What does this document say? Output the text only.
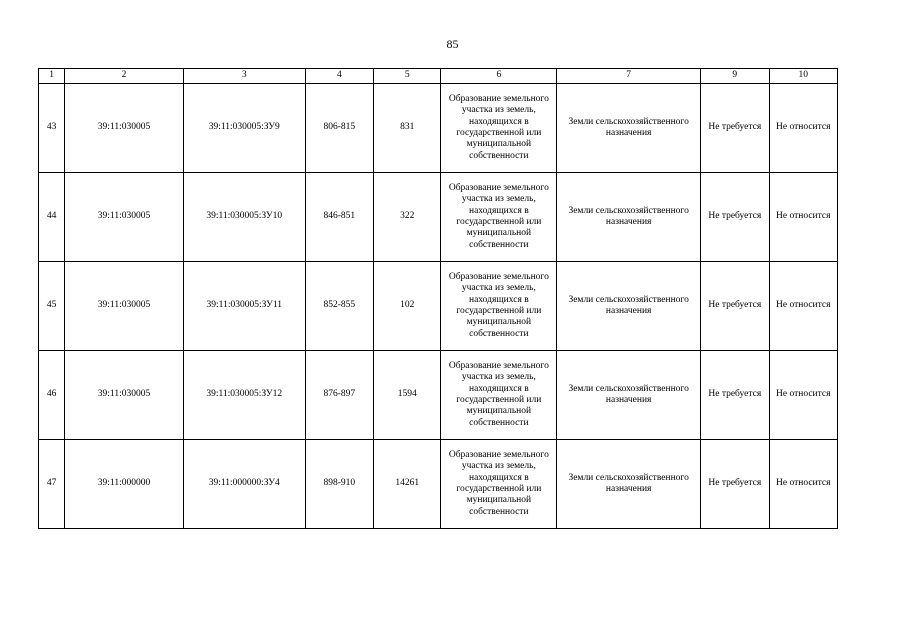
85
1	2	3	4	5	6	7	9	10
43	39:11:030005	39:11:030005:ЗУ9	806-815	831	Образование земельного участка из земель, находящихся в государственной или муниципальной собственности	Земли сельскохозяйственного назначения	Не требуется	Не относится
44	39:11:030005	39:11:030005:ЗУ10	846-851	322	Образование земельного участка из земель, находящихся в государственной или муниципальной собственности	Земли сельскохозяйственного назначения	Не требуется	Не относится
45	39:11:030005	39:11:030005:ЗУ11	852-855	102	Образование земельного участка из земель, находящихся в государственной или муниципальной собственности	Земли сельскохозяйственного назначения	Не требуется	Не относится
46	39:11:030005	39:11:030005:ЗУ12	876-897	1594	Образование земельного участка из земель, находящихся в государственной или муниципальной собственности	Земли сельскохозяйственного назначения	Не требуется	Не относится
47	39:11:000000	39:11:000000:ЗУ4	898-910	14261	Образование земельного участка из земель, находящихся в государственной или муниципальной собственности	Земли сельскохозяйственного назначения	Не требуется	Не относится
